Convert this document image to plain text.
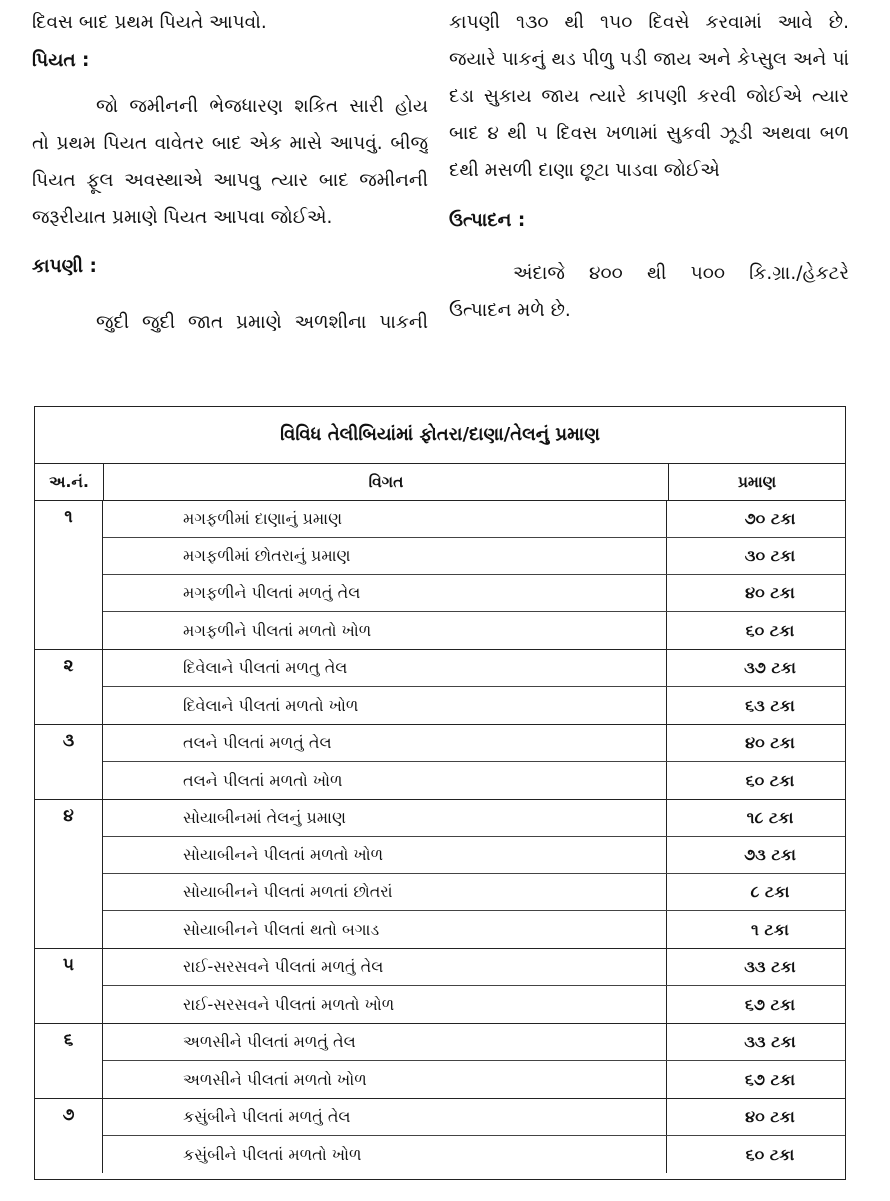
દિવસ બાદ પ્રથમ પિયતે આપવો.

પિયત :

જો જમીનની ભેજધારણ શકિત સારી હોય

તો પ્રથમ પિયત વાવેતર બાદ એક માસે આપવું. બીજુ

પિયત ફૂલ અવસ્થાએ આપવુ ત્યાર બાદ જમીનની

જરૂરીયાત પ્રમાણે પિયત આપવા જોઈએ.

કાપણી :

જુદી જુદી જાત પ્રમાણે અળશીના પાકની

કાપણી ૧૩૦ થી ૧૫૦ દિવસે કરવામાં આવે છે.

જયારે પાકનું થડ પીળુ પડી જાય અને કેપ્સુલ અને પાં

દડા સુકાય જાય ત્યારે કાપણી કરવી જોઈએ ત્યાર

બાદ ૪ થી ૫ દિવસ ખળામાં સુકવી ઝૂડી અથવા બળ

દથી મસળી દાણા છૂટા પાડવા જોઈએ

ઉત્પાદન :

અંદાજે ૪૦૦ થી ૫૦૦ કિ.ગ્રા./હેકટરે

ઉત્પાદન મળે છે.

વિવિધ તેલીબિયાંમાં ફોતરા/દાણા/તેલનું પ્રમાણ
અ.નં.	વિગત	પ્રમાણ
૧	મગફળીમાં દાણાનું પ્રમાણ	૭૦ ટકા
મગફળીમાં છોતરાનું પ્રમાણ	૩૦ ટકા
મગફળીને પીલતાં મળતું તેલ	૪૦ ટકા
મગફળીને પીલતાં મળતો ખોળ	૬૦ ટકા
૨	દિવેલાને પીલતાં મળતુ તેલ	૩૭ ટકા
દિવેલાને પીલતાં મળતો ખોળ	૬૩ ટકા
૩	તલને પીલતાં મળતું તેલ	૪૦ ટકા
તલને પીલતાં મળતો ખોળ	૬૦ ટકા
૪	સોયાબીનમાં તેલનું પ્રમાણ	૧૮ ટકા
સોયાબીનને પીલતાં મળતો ખોળ	૭૩ ટકા
સોયાબીનને પીલતાં મળતાં છોતરાં	૮ ટકા
સોયાબીનને પીલતાં થતો બગાડ	૧ ટકા
૫	રાઈ-સરસવને પીલતાં મળતું તેલ	૩૩ ટકા
રાઈ-સરસવને પીલતાં મળતો ખોળ	૬૭ ટકા
૬	અળસીને પીલતાં મળતું તેલ	૩૩ ટકા
અળસીને પીલતાં મળતો ખોળ	૬૭ ટકા
૭	કસુંબીને પીલતાં મળતું તેલ	૪૦ ટકા
કસુંબીને પીલતાં મળતો ખોળ	૬૦ ટકા
